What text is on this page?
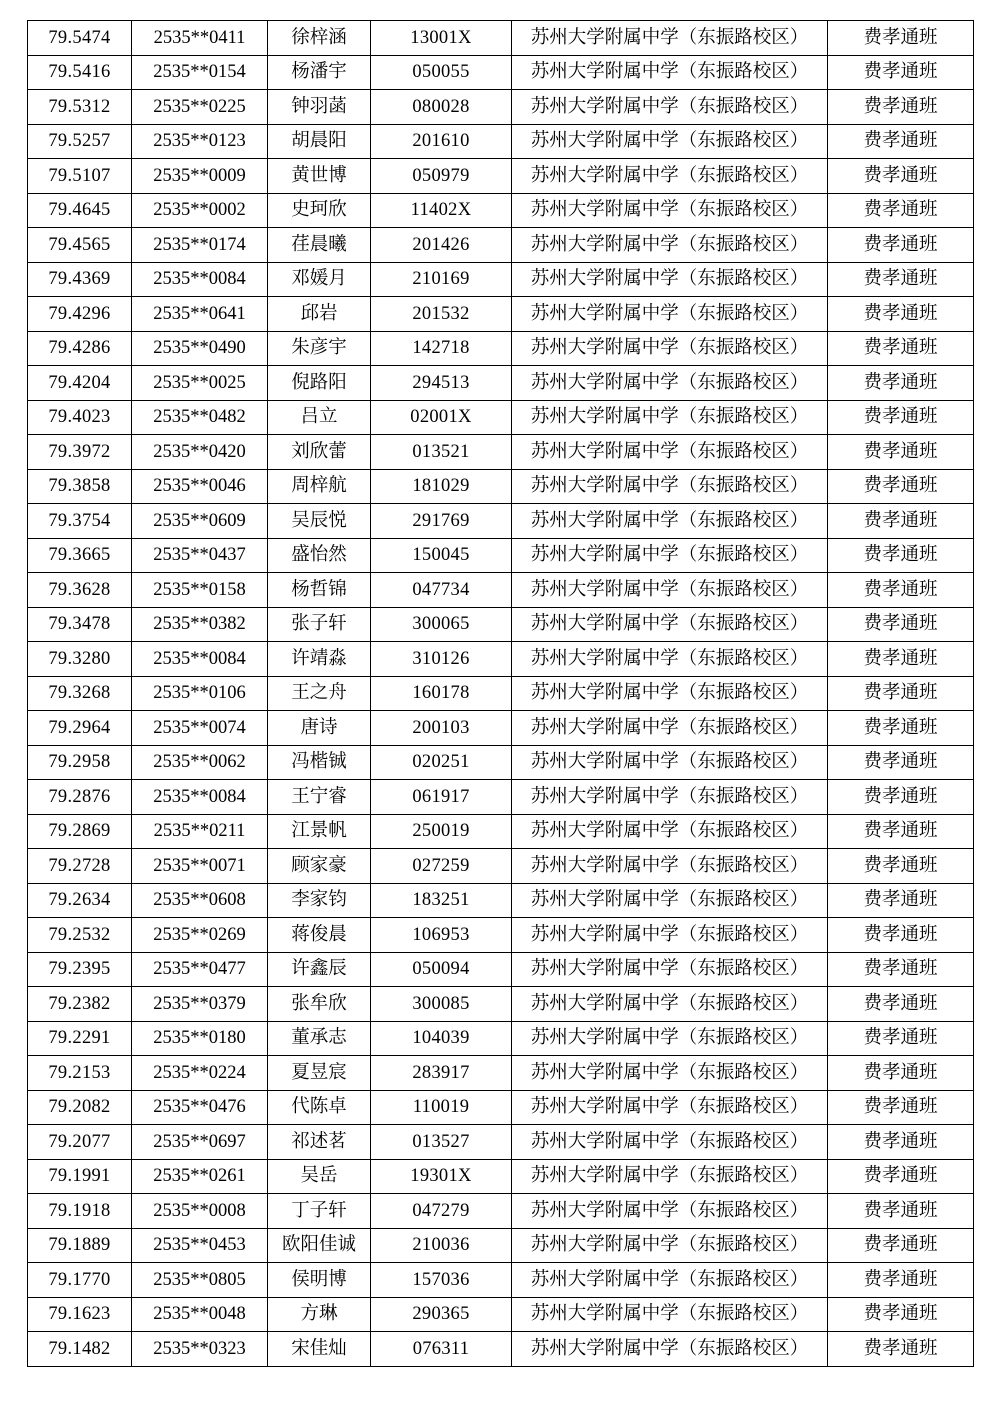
79.5474	2535**0411	徐梓涵	13001X	苏州大学附属中学（东振路校区）	费孝通班
79.5416	2535**0154	杨潘宇	050055	苏州大学附属中学（东振路校区）	费孝通班
79.5312	2535**0225	钟羽菡	080028	苏州大学附属中学（东振路校区）	费孝通班
79.5257	2535**0123	胡晨阳	201610	苏州大学附属中学（东振路校区）	费孝通班
79.5107	2535**0009	黄世博	050979	苏州大学附属中学（东振路校区）	费孝通班
79.4645	2535**0002	史珂欣	11402X	苏州大学附属中学（东振路校区）	费孝通班
79.4565	2535**0174	荏晨曦	201426	苏州大学附属中学（东振路校区）	费孝通班
79.4369	2535**0084	邓媛月	210169	苏州大学附属中学（东振路校区）	费孝通班
79.4296	2535**0641	邱岩	201532	苏州大学附属中学（东振路校区）	费孝通班
79.4286	2535**0490	朱彦宇	142718	苏州大学附属中学（东振路校区）	费孝通班
79.4204	2535**0025	倪路阳	294513	苏州大学附属中学（东振路校区）	费孝通班
79.4023	2535**0482	吕立	02001X	苏州大学附属中学（东振路校区）	费孝通班
79.3972	2535**0420	刘欣蕾	013521	苏州大学附属中学（东振路校区）	费孝通班
79.3858	2535**0046	周梓航	181029	苏州大学附属中学（东振路校区）	费孝通班
79.3754	2535**0609	吴辰悦	291769	苏州大学附属中学（东振路校区）	费孝通班
79.3665	2535**0437	盛怡然	150045	苏州大学附属中学（东振路校区）	费孝通班
79.3628	2535**0158	杨哲锦	047734	苏州大学附属中学（东振路校区）	费孝通班
79.3478	2535**0382	张子轩	300065	苏州大学附属中学（东振路校区）	费孝通班
79.3280	2535**0084	许靖淼	310126	苏州大学附属中学（东振路校区）	费孝通班
79.3268	2535**0106	王之舟	160178	苏州大学附属中学（东振路校区）	费孝通班
79.2964	2535**0074	唐诗	200103	苏州大学附属中学（东振路校区）	费孝通班
79.2958	2535**0062	冯楷铖	020251	苏州大学附属中学（东振路校区）	费孝通班
79.2876	2535**0084	王宁睿	061917	苏州大学附属中学（东振路校区）	费孝通班
79.2869	2535**0211	江景帆	250019	苏州大学附属中学（东振路校区）	费孝通班
79.2728	2535**0071	顾家豪	027259	苏州大学附属中学（东振路校区）	费孝通班
79.2634	2535**0608	李家钧	183251	苏州大学附属中学（东振路校区）	费孝通班
79.2532	2535**0269	蒋俊晨	106953	苏州大学附属中学（东振路校区）	费孝通班
79.2395	2535**0477	许鑫辰	050094	苏州大学附属中学（东振路校区）	费孝通班
79.2382	2535**0379	张牟欣	300085	苏州大学附属中学（东振路校区）	费孝通班
79.2291	2535**0180	董承志	104039	苏州大学附属中学（东振路校区）	费孝通班
79.2153	2535**0224	夏昱宸	283917	苏州大学附属中学（东振路校区）	费孝通班
79.2082	2535**0476	代陈卓	110019	苏州大学附属中学（东振路校区）	费孝通班
79.2077	2535**0697	祁述茗	013527	苏州大学附属中学（东振路校区）	费孝通班
79.1991	2535**0261	吴岳	19301X	苏州大学附属中学（东振路校区）	费孝通班
79.1918	2535**0008	丁子轩	047279	苏州大学附属中学（东振路校区）	费孝通班
79.1889	2535**0453	欧阳佳诚	210036	苏州大学附属中学（东振路校区）	费孝通班
79.1770	2535**0805	侯明博	157036	苏州大学附属中学（东振路校区）	费孝通班
79.1623	2535**0048	方琳	290365	苏州大学附属中学（东振路校区）	费孝通班
79.1482	2535**0323	宋佳灿	076311	苏州大学附属中学（东振路校区）	费孝通班
